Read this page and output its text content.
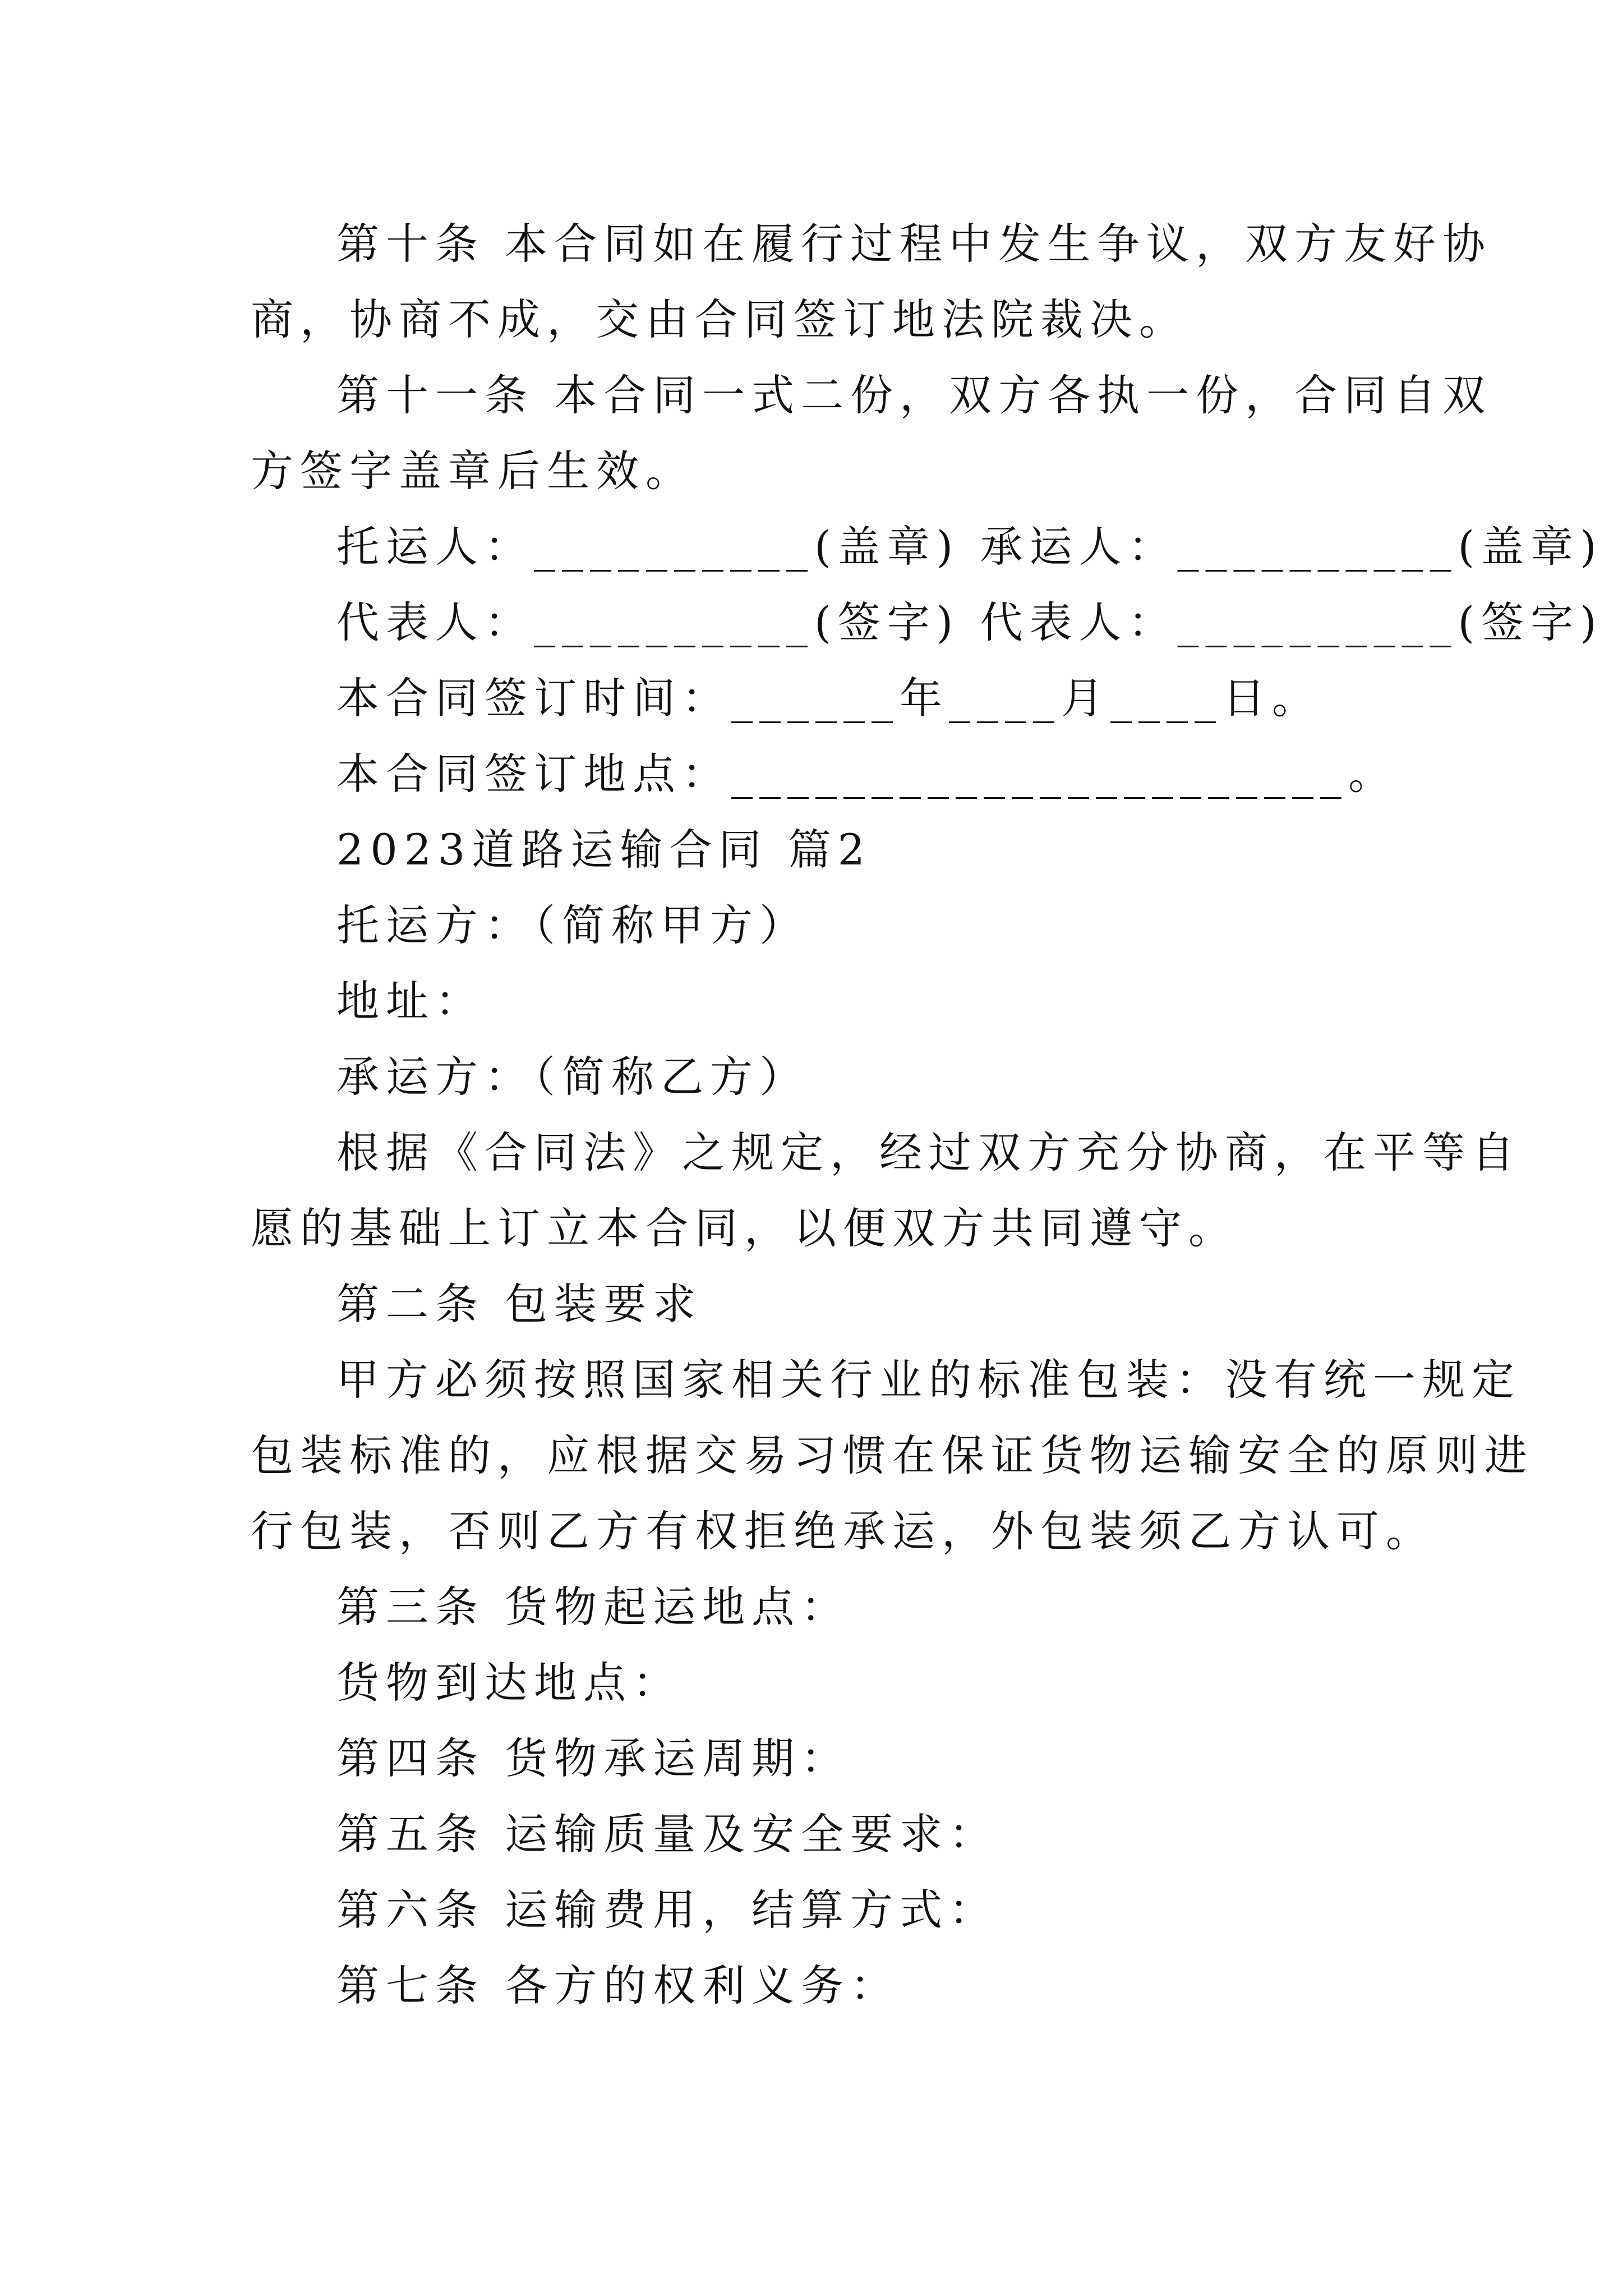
第十条 本合同如在履行过程中发生争议，双方友好协
商，协商不成，交由合同签订地法院裁决。
第十一条 本合同一式二份，双方各执一份，合同自双
方签字盖章后生效。
托运人：__________(盖章) 承运人：__________(盖章)
代表人：__________(签字) 代表人：__________(签字)
本合同签订时间：______年____月____日。
本合同签订地点：______________________。
2023道路运输合同 篇2
托运方：（简称甲方）
地址：
承运方：（简称乙方）
根据《合同法》之规定，经过双方充分协商，在平等自
愿的基础上订立本合同，以便双方共同遵守。
第二条 包装要求
甲方必须按照国家相关行业的标准包装：没有统一规定
包装标准的，应根据交易习惯在保证货物运输安全的原则进
行包装，否则乙方有权拒绝承运，外包装须乙方认可。
第三条 货物起运地点：
货物到达地点：
第四条 货物承运周期：
第五条 运输质量及安全要求：
第六条 运输费用，结算方式：
第七条 各方的权利义务：
